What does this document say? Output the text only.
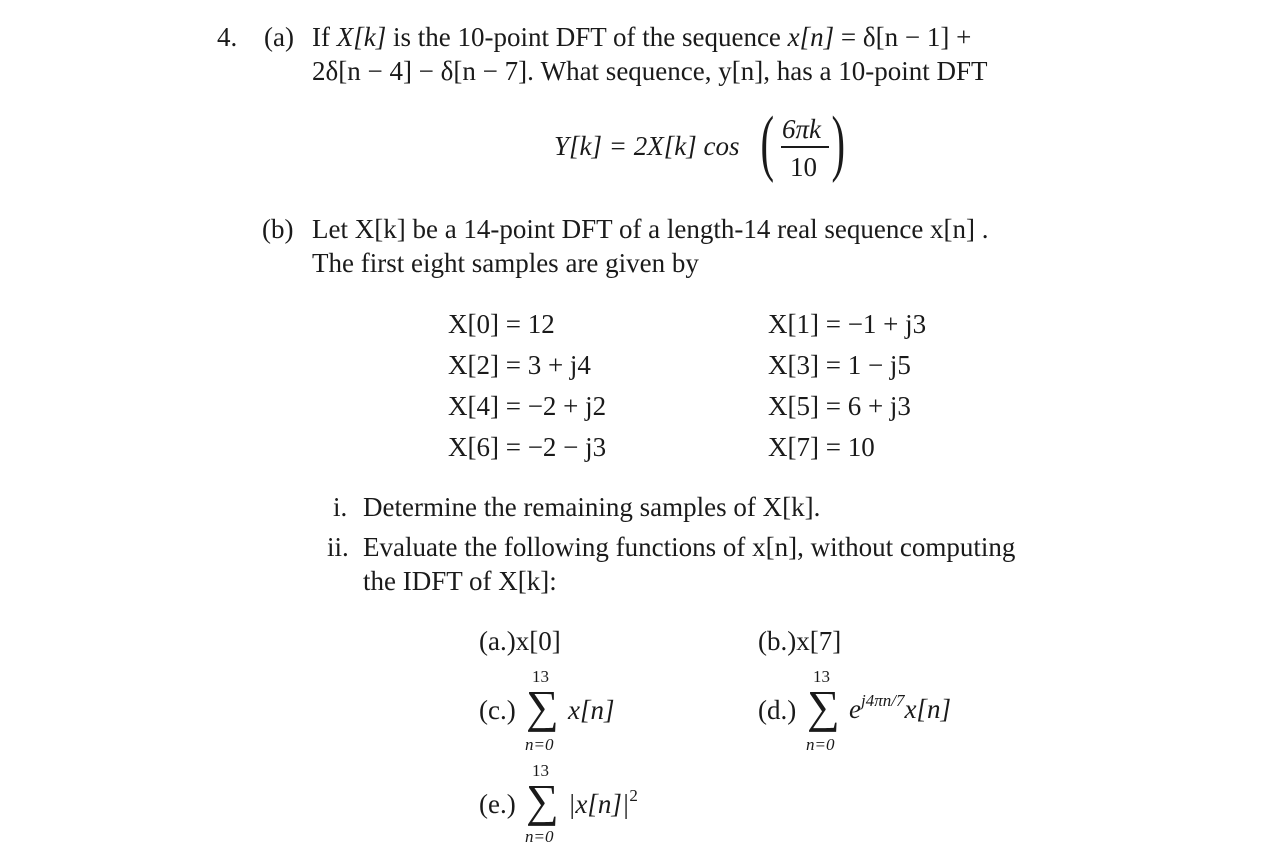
4. (a) If X[k] is the 10-point DFT of the sequence x[n] = δ[n − 1] +
2δ[n − 4] − δ[n − 7]. What sequence, y[n], has a 10-point DFT
Y[k] = 2X[k] cos ( 6πk
10 )
(b) Let X[k] be a 14-point DFT of a length-14 real sequence x[n] .
The first eight samples are given by
X[0] = 12
X[2] = 3 + j4
X[4] = −2 + j2
X[6] = −2 − j3
X[1] = −1 + j3
X[3] = 1 − j5
X[5] = 6 + j3
X[7] = 10
i. Determine the remaining samples of X[k].
ii. Evaluate the following functions of x[n], without computing
the IDFT of X[k]:
(a.)x[0]	(b.)x[7]
(c.)
13
∑
n=0
x[n]	(d.)
13
∑
n=0
$e^{j4\pi n/7}x[n]$
(e.)
13
∑
n=0
$|x[n]|^2$
